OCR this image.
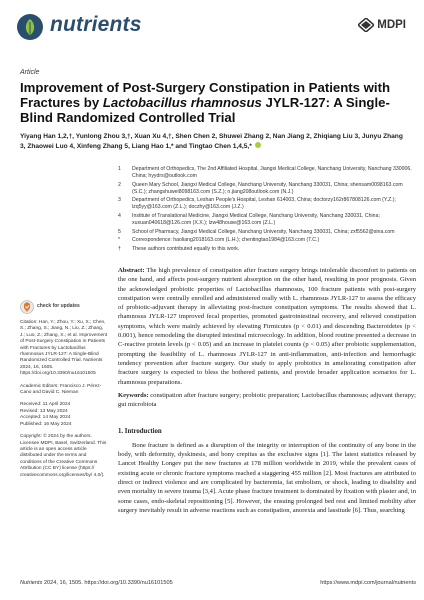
nutrients	MDPI
Article
Improvement of Post-Surgery Constipation in Patients with Fractures by Lactobacillus rhamnosus JYLR-127: A Single-Blind Randomized Controlled Trial
Yiyang Han 1,2,†, Yunlong Zhou 3,†, Xuan Xu 4,†, Shen Chen 2, Shuwei Zhang 2, Nan Jiang 2, Zhiqiang Liu 3, Junyu Zhang 3, Zhaowei Luo 4, Xinfeng Zhang 5, Liang Hao 1,* and Tingtao Chen 1,4,5,*
1	Department of Orthopedics, The 2nd Affiliated Hospital, Jiangxi Medical College, Nanchang University, Nanchang 330006, China; hyydrs@outlook.com
2	Queen Mary School, Jiangxi Medical College, Nanchang University, Nanchang 330031, China; shensam0098163.com (S.C.); zhangshuwei8098163.com (S.Z.); n.jiang208outlook.com (N.J.)
3	Department of Orthopedics, Leshan People's Hospital, Leshan 614003, China; doctorzy162r867808126.com (Y.Z.); lzq5yy@163.com (Z.L.); doczhy@163.com (J.Z.)
4	Institute of Translational Medicine, Jiangxi Medical College, Nanchang University, Nanchang 330031, China; xuxuan040618@126.com (X.X.); lzw48house@163.com (Z.L.)
5	School of Pharmacy, Jiangxi Medical College, Nanchang University, Nanchang 330031, China; zxf5562@sina.com
*	Correspondence: haoliang2018163.com (L.H.); chentingtao1984@163.com (T.C.)
†	These authors contributed equally to this work.
check for updates
Citation: Han, Y.; Zhou, Y.; Xu, X.; Chen, S.; Zhang, S.; Jiang, N.; Liu, Z.; Zhang, J.; Luo, Z.; Zhang, X.; et al. Improvement of Post-Surgery Constipation in Patients with Fractures by Lactobacillus rhamnosus JYLR-127: A Single-Blind Randomized Controlled Trial. Nutrients 2024, 16, 1505. https://doi.org/10.3390/nu16101505
Academic Editors: Francisco J. Pérez-Cano and David C. Nieman
Received: 11 April 2024
Revised: 13 May 2024
Accepted: 14 May 2024
Published: 16 May 2024
Copyright: © 2024 by the authors. Licensee MDPI, Basel, Switzerland. This article is an open access article distributed under the terms and conditions of the Creative Commons Attribution (CC BY) license (https:// creativecommons.org/licenses/by/ 4.0/).
Abstract: The high prevalence of constipation after fracture surgery brings intolerable discomfort to patients on the one hand, and affects post-surgery nutrient absorption on the other hand, resulting in poor prognosis. Given the acknowledged probiotic properties of Lactobacillus rhamnosus, 100 fracture patients with post-surgery constipation were centrally enrolled and administered orally with L. rhamnosus JYLR-127 to assess the efficacy of probiotic-adjuvant therapy in alleviating post-fracture constipation symptoms. The results showed that L. rhamnosus JYLR-127 improved fecal properties, promoted gastrointestinal recovery, and relieved constipation symptoms, which were mainly achieved by elevating Firmicutes (p < 0.01) and descending Bacteroidetes (p < 0.001), hence remodeling the disrupted intestinal microecology. In addition, blood routine presented a decrease in C-reactive protein levels (p < 0.05) and an increase in platelet counts (p < 0.05) after probiotic supplementation, prompting the feasibility of L. rhamnosus JYLR-127 in anti-inflammation, anti-infection and hemorrhagic tendency prevention after fracture surgery. Our study to apply probiotics in ameliorating constipation after fracture surgery is expected to bless the bothered patients, and provide broader application scenarios for L. rhamnosus preparations.
Keywords: constipation after fracture surgery; probiotic preparation; Lactobacillus rhamnosus; adjuvant therapy; gut microbiota
1. Introduction
Bone fracture is defined as a disruption of the integrity or interruption of the continuity of any bone in the body, with deformity, dyskinesis, and bony crepitus as the exclusive signs [1]. The latest statistics released by Lancet Healthy Longev put the new fractures at 178 million worldwide in 2019, while the prevalent cases of existing acute or chronic fracture symptoms reached a staggering 455 million [2]. Most fractures are attributed to direct or indirect violence and are complicated by bacteremia, fat embolism, or shock, leading to disability and even mortality in severe trauma [3,4]. Acute phase fracture treatment is dominated by fixation with plaster and, in some cases, endo-skeletal repositioning [5]. However, the ensuing prolonged bed rest and limited mobility after surgery inevitably result in adverse reactions such as constipation, anorexia and lassitude [6]. Thus, searching
Nutrients 2024, 16, 1505. https://doi.org/10.3390/nu16101505	https://www.mdpi.com/journal/nutrients
